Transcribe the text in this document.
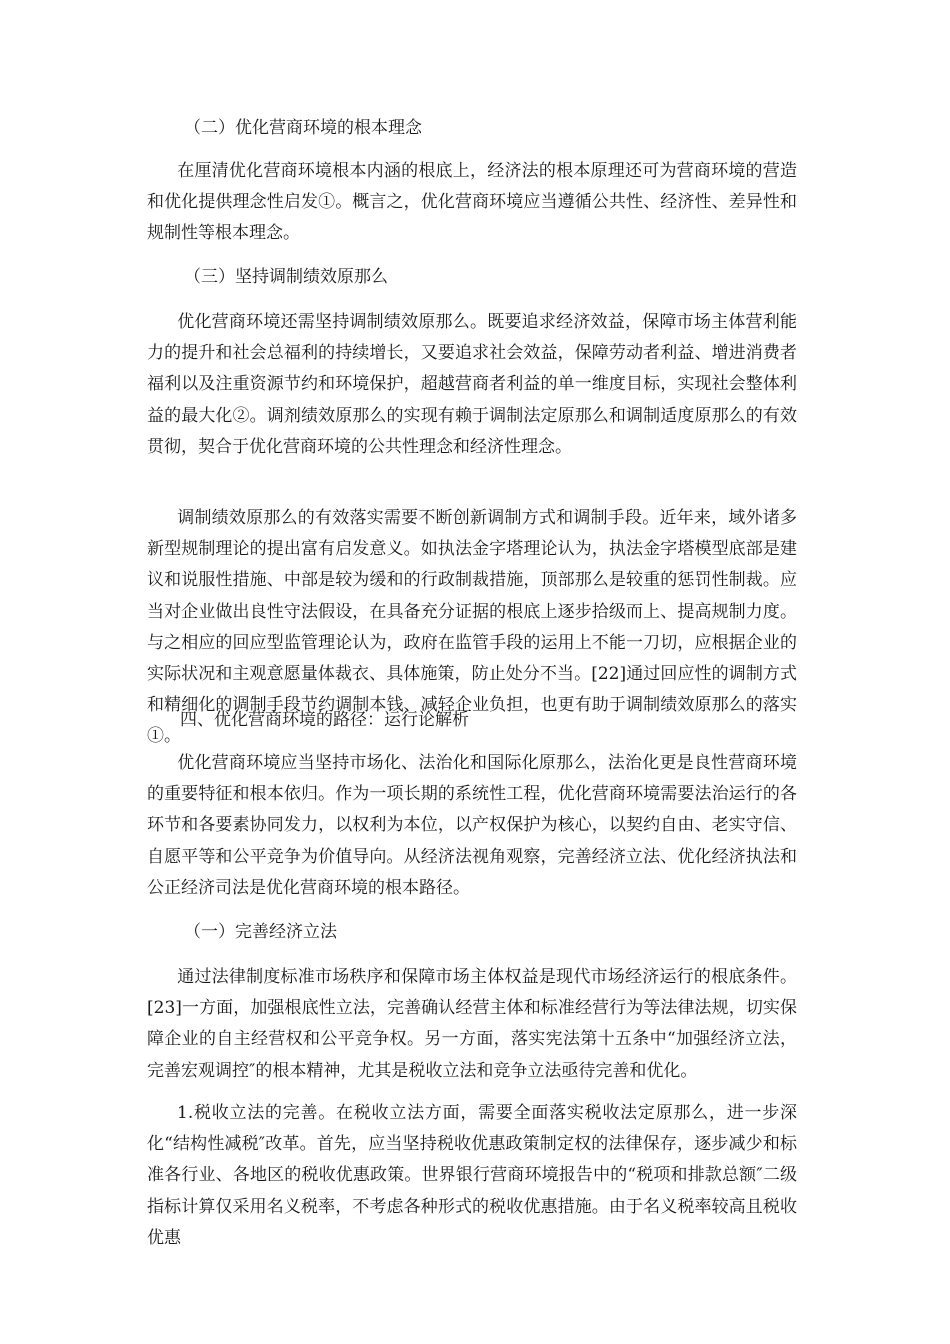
（二）优化营商环境的根本理念
在厘清优化营商环境根本内涵的根底上，经济法的根本原理还可为营商环境的营造和优化提供理念性启发①。概言之，优化营商环境应当遵循公共性、经济性、差异性和规制性等根本理念。
（三）坚持调制绩效原那么
优化营商环境还需坚持调制绩效原那么。既要追求经济效益，保障市场主体营利能力的提升和社会总福利的持续增长，又要追求社会效益，保障劳动者利益、增进消费者福利以及注重资源节约和环境保护，超越营商者利益的单一维度目标，实现社会整体利益的最大化②。调剂绩效原那么的实现有赖于调制法定原那么和调制适度原那么的有效贯彻，契合于优化营商环境的公共性理念和经济性理念。
调制绩效原那么的有效落实需要不断创新调制方式和调制手段。近年来，域外诸多新型规制理论的提出富有启发意义。如执法金字塔理论认为，执法金字塔模型底部是建议和说服性措施、中部是较为缓和的行政制裁措施，顶部那么是较重的惩罚性制裁。应当对企业做出良性守法假设，在具备充分证据的根底上逐步拾级而上、提高规制力度。与之相应的回应型监管理论认为，政府在监管手段的运用上不能一刀切，应根据企业的实际状况和主观意愿量体裁衣、具体施策，防止处分不当。[22]通过回应性的调制方式和精细化的调制手段节约调制本钱、减轻企业负担，也更有助于调制绩效原那么的落实①。
四、优化营商环境的路径：运行论解析
优化营商环境应当坚持市场化、法治化和国际化原那么，法治化更是良性营商环境的重要特征和根本依归。作为一项长期的系统性工程，优化营商环境需要法治运行的各环节和各要素协同发力，以权利为本位，以产权保护为核心，以契约自由、老实守信、自愿平等和公平竞争为价值导向。从经济法视角观察，完善经济立法、优化经济执法和公正经济司法是优化营商环境的根本路径。
（一）完善经济立法
通过法律制度标准市场秩序和保障市场主体权益是现代市场经济运行的根底条件。[23]一方面，加强根底性立法，完善确认经营主体和标准经营行为等法律法规，切实保障企业的自主经营权和公平竞争权。另一方面，落实宪法第十五条中“加强经济立法，完善宏观调控″的根本精神，尤其是税收立法和竞争立法亟待完善和优化。
1.税收立法的完善。在税收立法方面，需要全面落实税收法定原那么，进一步深化“结构性减税″改革。首先，应当坚持税收优惠政策制定权的法律保存，逐步减少和标准各行业、各地区的税收优惠政策。世界银行营商环境报告中的“税项和排款总额″二级指标计算仅采用名义税率，不考虑各种形式的税收优惠措施。由于名义税率较高且税收优惠
